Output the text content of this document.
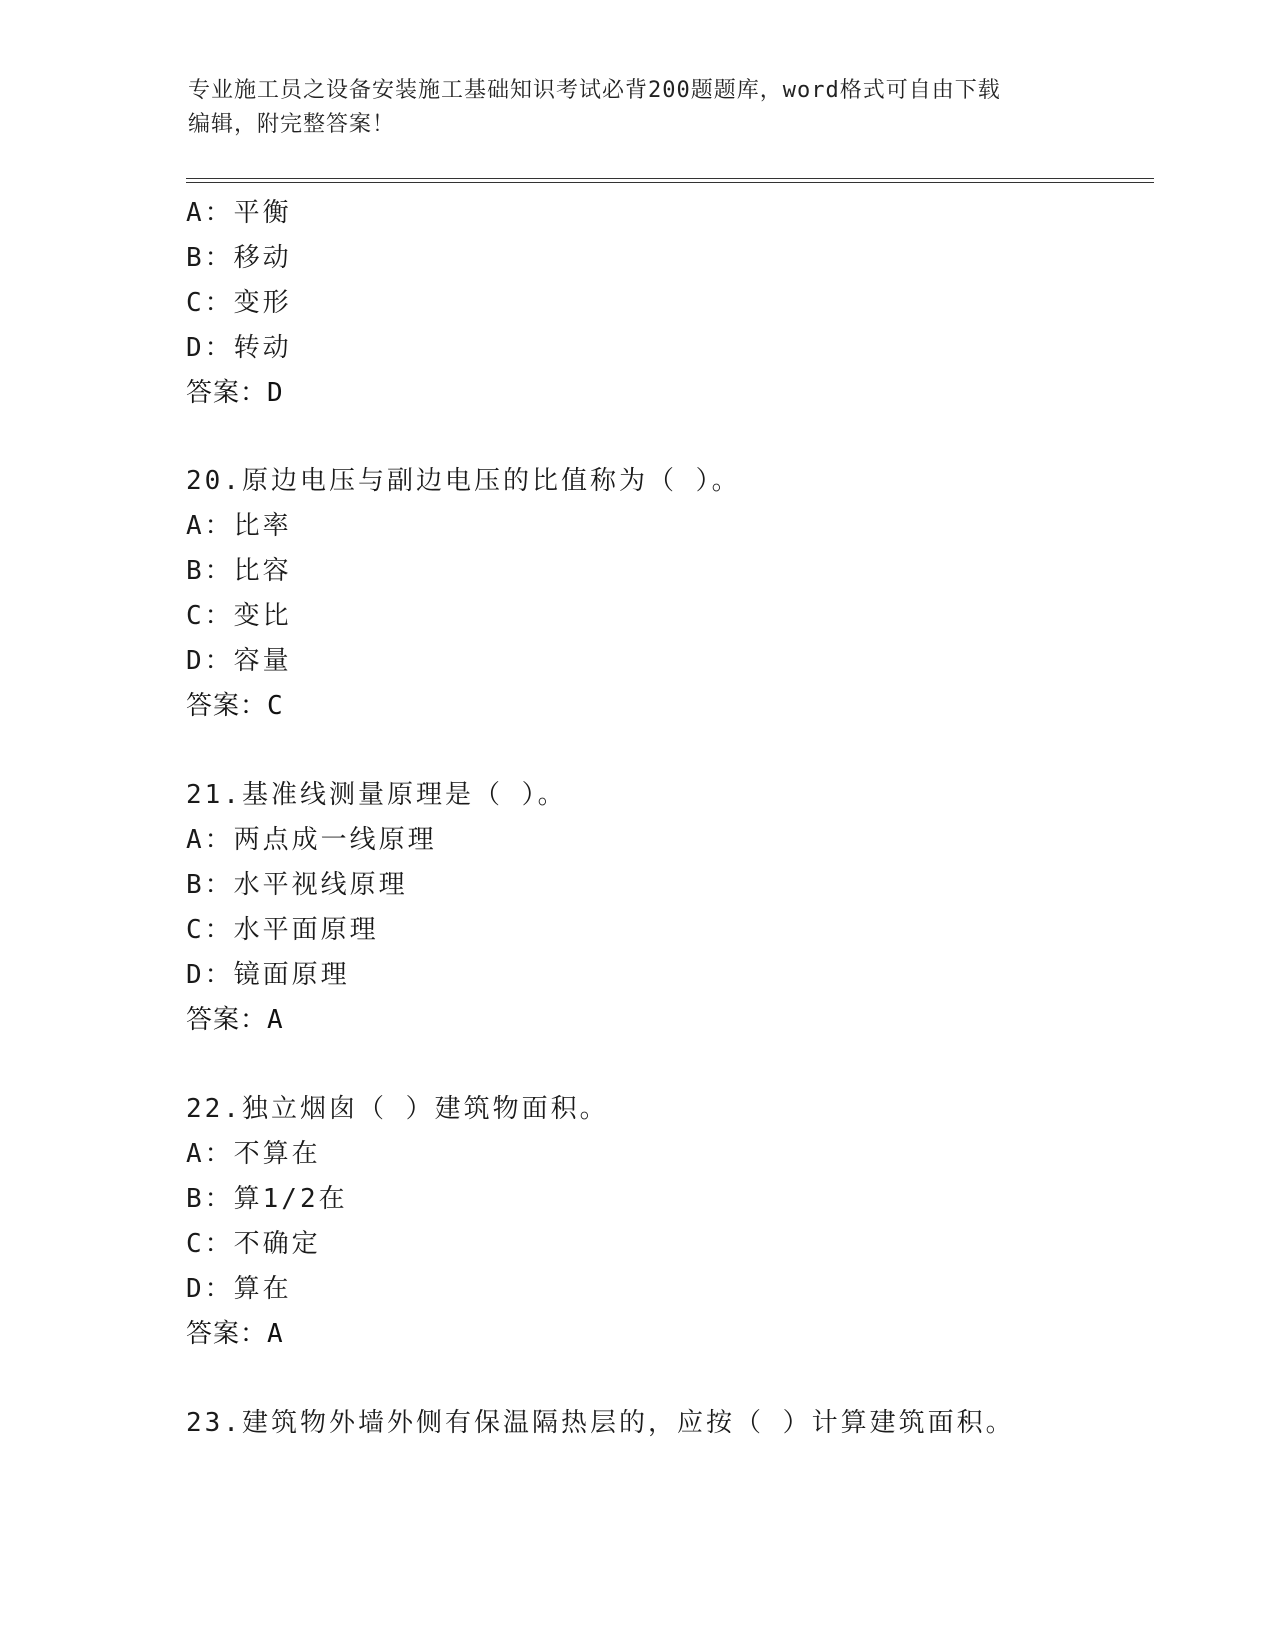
专业施工员之设备安装施工基础知识考试必背200题题库，word格式可自由下载
编辑，附完整答案！
A：平衡
B：移动
C：变形
D：转动
答案：D
20.原边电压与副边电压的比值称为（ ）。
A：比率
B：比容
C：变比
D：容量
答案：C
21.基准线测量原理是（ ）。
A：两点成一线原理
B：水平视线原理
C：水平面原理
D：镜面原理
答案：A
22.独立烟囱（ ）建筑物面积。
A：不算在
B：算1/2在
C：不确定
D：算在
答案：A
23.建筑物外墙外侧有保温隔热层的，应按（ ）计算建筑面积。
